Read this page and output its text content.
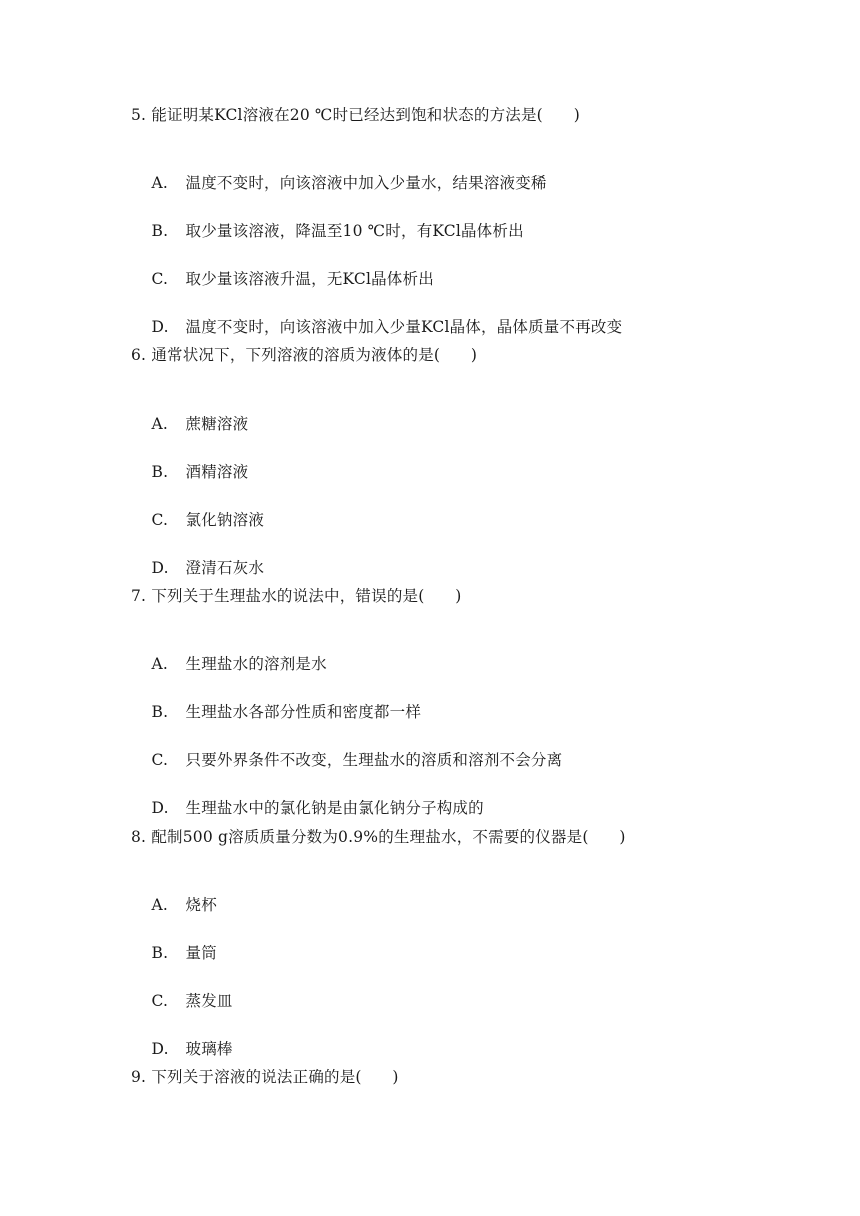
5. 能证明某KCl溶液在20 ℃时已经达到饱和状态的方法是(      )

A. 温度不变时，向该溶液中加入少量水，结果溶液变稀

B. 取少量该溶液，降温至10 ℃时，有KCl晶体析出

C. 取少量该溶液升温，无KCl晶体析出

D. 温度不变时，向该溶液中加入少量KCl晶体，晶体质量不再改变

6. 通常状况下，下列溶液的溶质为液体的是(      )

A. 蔗糖溶液

B. 酒精溶液

C. 氯化钠溶液

D. 澄清石灰水

7. 下列关于生理盐水的说法中，错误的是(      )

A. 生理盐水的溶剂是水

B. 生理盐水各部分性质和密度都一样

C. 只要外界条件不改变，生理盐水的溶质和溶剂不会分离

D. 生理盐水中的氯化钠是由氯化钠分子构成的

8. 配制500 g溶质质量分数为0.9%的生理盐水，不需要的仪器是(      )

A. 烧杯

B. 量筒

C. 蒸发皿

D. 玻璃棒

9. 下列关于溶液的说法正确的是(      )
